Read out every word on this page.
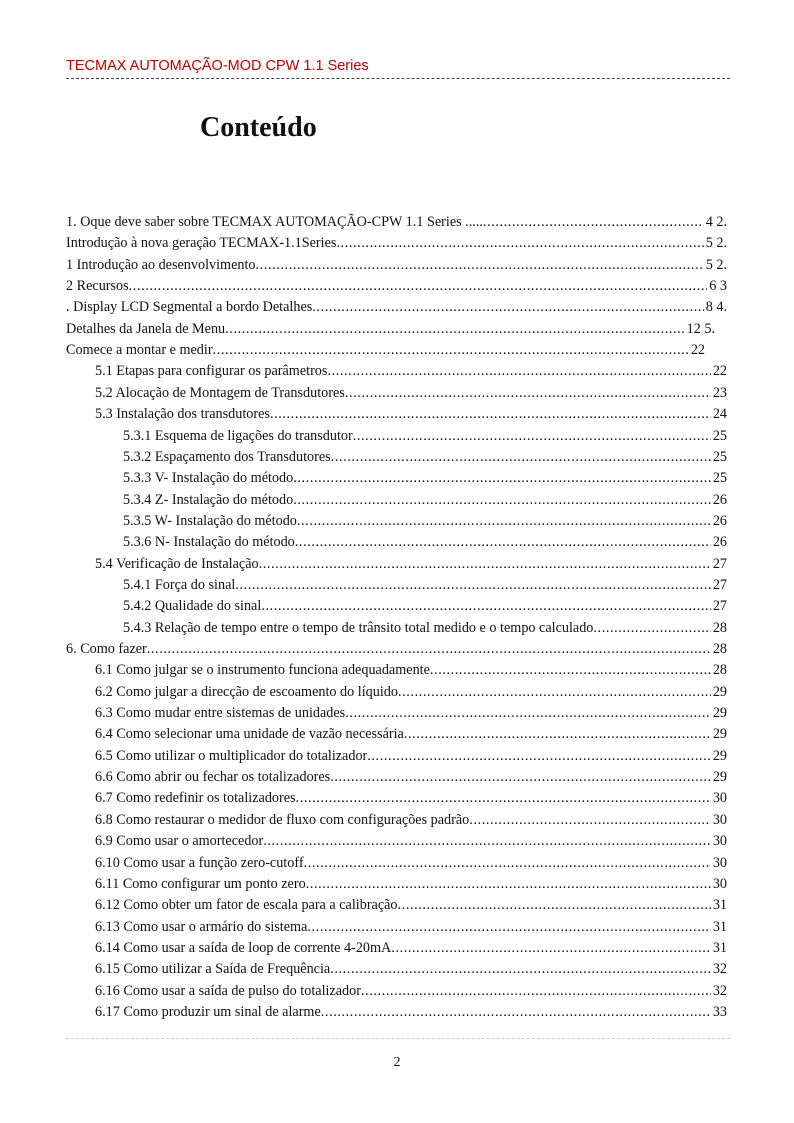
TECMAX AUTOMAÇÃO-MOD CPW 1.1 Series
Conteúdo
1. Oque deve saber sobre TECMAX AUTOMAÇÃO-CPW 1.1 Series ..... .....	4 2.
Introdução à nova geração TECMAX-1.1Series .....	5 2.
1 Introdução ao desenvolvimento .....	5 2.
2 Recursos .....	6 3
. Display LCD Segmental a bordo Detalhes .....	8 4.
Detalhes da Janela de Menu .....	12 5.
Comece a montar e medir .....	22
5.1 Etapas para configurar os parâmetros .....	22
5.2 Alocação de Montagem de Transdutores .....	23
5.3 Instalação dos transdutores .....	24
5.3.1 Esquema de ligações do transdutor .....	25
5.3.2 Espaçamento dos Transdutores .....	25
5.3.3 V- Instalação do método .....	25
5.3.4 Z- Instalação do método .....	26
5.3.5 W- Instalação do método .....	26
5.3.6 N- Instalação do método .....	26
5.4 Verificação de Instalação .....	27
5.4.1 Força do sinal .....	27
5.4.2 Qualidade do sinal .....	27
5.4.3 Relação de tempo entre o tempo de trânsito total medido e o tempo calculado .....	28
6. Como fazer .....	28
6.1 Como julgar se o instrumento funciona adequadamente .....	28
6.2 Como julgar a direcção de escoamento do líquido .....	29
6.3 Como mudar entre sistemas de unidades .....	29
6.4 Como selecionar uma unidade de vazão necessária .....	29
6.5 Como utilizar o multiplicador do totalizador .....	29
6.6 Como abrir ou fechar os totalizadores .....	29
6.7 Como redefinir os totalizadores .....	30
6.8 Como restaurar o medidor de fluxo com configurações padrão .....	30
6.9 Como usar o amortecedor .....	30
6.10 Como usar a função zero-cutoff .....	30
6.11 Como configurar um ponto zero .....	30
6.12 Como obter um fator de escala para a calibração .....	31
6.13 Como usar o armário do sistema .....	31
6.14 Como usar a saída de loop de corrente 4-20mA .....	31
6.15 Como utilizar a Saída de Frequência .....	32
6.16 Como usar a saída de pulso do totalizador .....	32
6.17 Como produzir um sinal de alarme .....	33
2
